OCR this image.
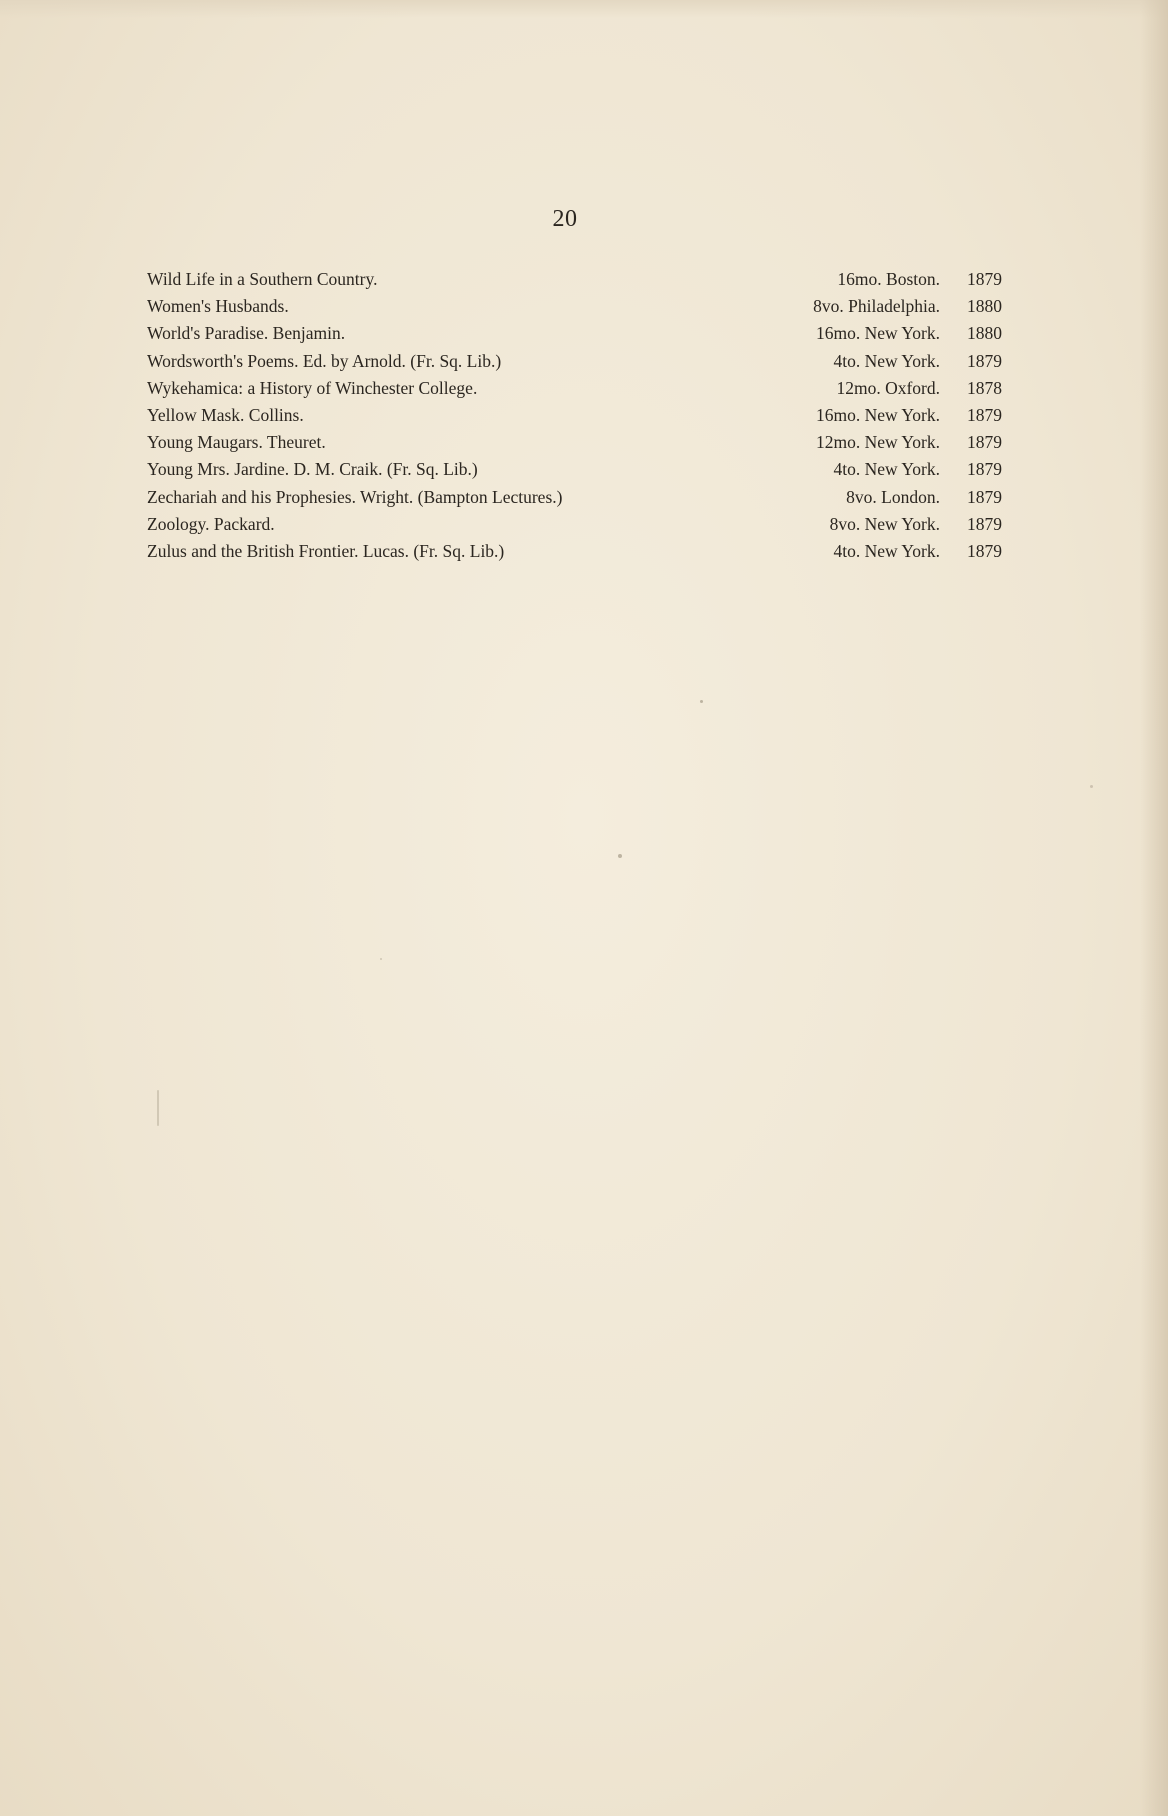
20
Wild Life in a Southern Country.	16mo. Boston.	1879
Women's Husbands.	8vo. Philadelphia.	1880
World's Paradise. Benjamin.	16mo. New York.	1880
Wordsworth's Poems. Ed. by Arnold. (Fr. Sq. Lib.)	4to. New York.	1879
Wykehamica: a History of Winchester College.	12mo. Oxford.	1878
Yellow Mask. Collins.	16mo. New York.	1879
Young Maugars. Theuret.	12mo. New York.	1879
Young Mrs. Jardine. D. M. Craik. (Fr. Sq. Lib.)	4to. New York.	1879
Zechariah and his Prophesies. Wright. (Bampton Lectures.)	8vo. London.	1879
Zoology. Packard.	8vo. New York.	1879
Zulus and the British Frontier. Lucas. (Fr. Sq. Lib.)	4to. New York.	1879
